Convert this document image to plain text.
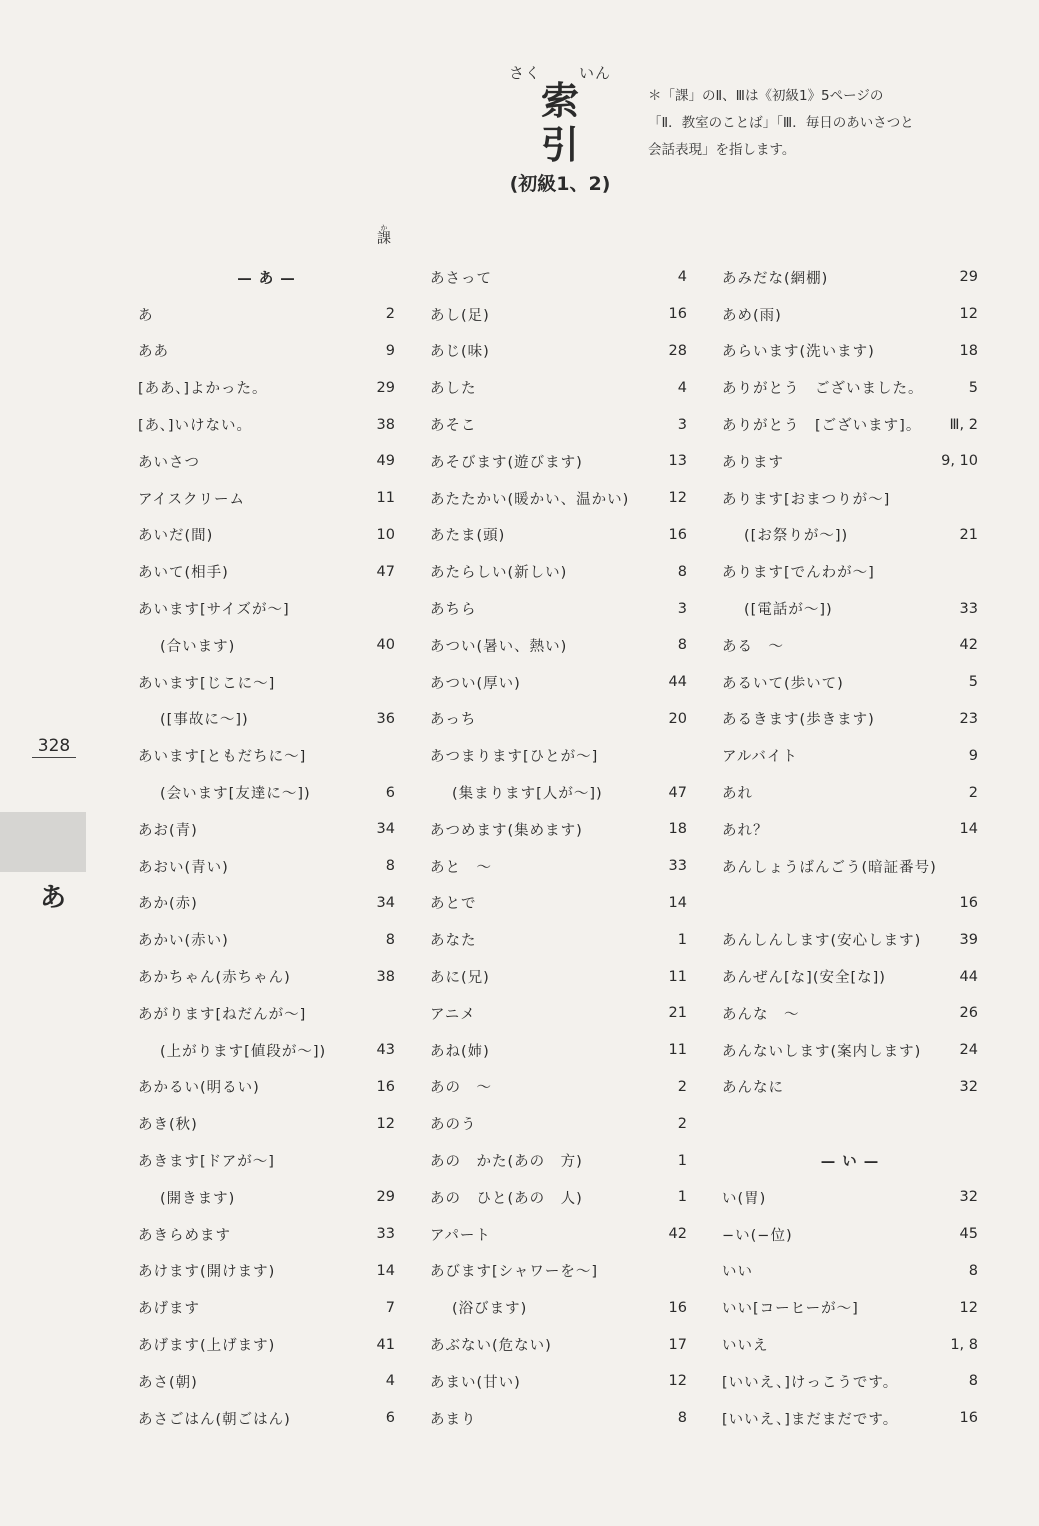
さく	いん
索 引
(初級1、2)
＊「課」のⅡ、Ⅲは《初級1》5ページの
「Ⅱ．教室のことば」「Ⅲ．毎日のあいさつと
会話表現」を指します。
か
課
328
あ
— あ —
あ	2
ああ	9
[ああ、]よかった。	29
[あ、]いけない。	38
あいさつ	49
アイスクリーム	11
あいだ(間)	10
あいて(相手)	47
あいます[サイズが〜]
(合います)	40
あいます[じこに〜]
([事故に〜])	36
あいます[ともだちに〜]
(会います[友達に〜])	6
あお(青)	34
あおい(青い)	8
あか(赤)	34
あかい(赤い)	8
あかちゃん(赤ちゃん)	38
あがります[ねだんが〜]
(上がります[値段が〜])	43
あかるい(明るい)	16
あき(秋)	12
あきます[ドアが〜]
(開きます)	29
あきらめます	33
あけます(開けます)	14
あげます	7
あげます(上げます)	41
あさ(朝)	4
あさごはん(朝ごはん)	6
あさって	4
あし(足)	16
あじ(味)	28
あした	4
あそこ	3
あそびます(遊びます)	13
あたたかい(暖かい、温かい)	12
あたま(頭)	16
あたらしい(新しい)	8
あちら	3
あつい(暑い、熱い)	8
あつい(厚い)	44
あっち	20
あつまります[ひとが〜]
(集まります[人が〜])	47
あつめます(集めます)	18
あと　〜	33
あとで	14
あなた	1
あに(兄)	11
アニメ	21
あね(姉)	11
あの　〜	2
あのう	2
あの　かた(あの　方)	1
あの　ひと(あの　人)	1
アパート	42
あびます[シャワーを〜]
(浴びます)	16
あぶない(危ない)	17
あまい(甘い)	12
あまり	8
あみだな(網棚)	29
あめ(雨)	12
あらいます(洗います)	18
ありがとう　ございました。	5
ありがとう　[ございます]。 Ⅲ, 2
あります	9, 10
あります[おまつりが〜]
([お祭りが〜])	21
あります[でんわが〜]
([電話が〜])	33
ある　〜	42
あるいて(歩いて)	5
あるきます(歩きます)	23
アルバイト	9
あれ	2
あれ？	14
あんしょうばんごう(暗証番号)
16
あんしんします(安心します)	39
あんぜん[な](安全[な])	44
あんな　〜	26
あんないします(案内します)	24
あんなに	32
— い —
い(胃)	32
−い(−位)	45
いい	8
いい[コーヒーが〜]	12
いいえ	1, 8
[いいえ、]けっこうです。	8
[いいえ、]まだまだです。	16
